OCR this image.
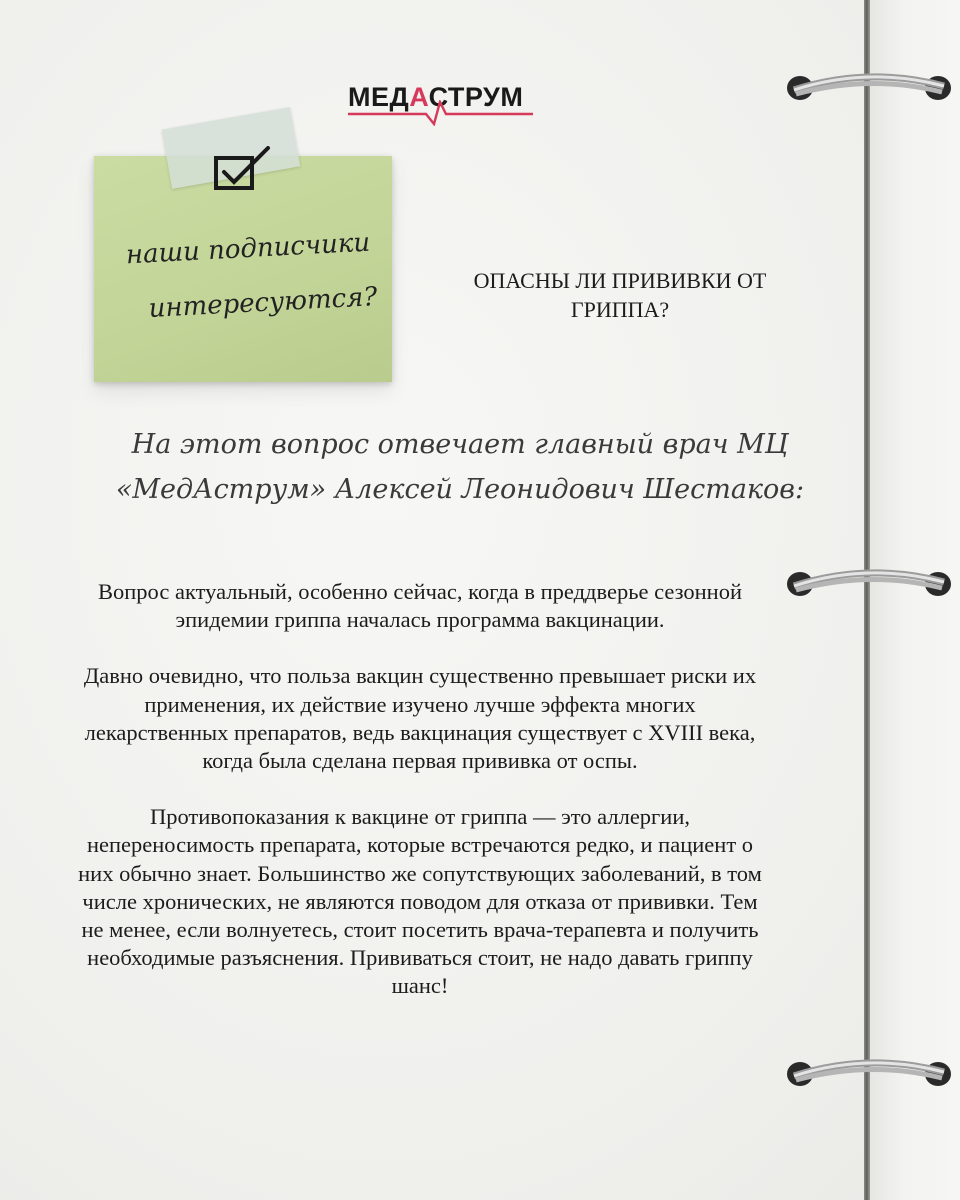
МЕДАСТРУМ
наши подписчики
интересуются?
ОПАСНЫ ЛИ ПРИВИВКИ ОТ ГРИППА?
На этот вопрос отвечает главный врач МЦ «МедАструм» Алексей Леонидович Шестаков:

Вопрос актуальный, особенно сейчас, когда в преддверье сезонной эпидемии гриппа началась программа вакцинации.

Давно очевидно, что польза вакцин существенно превышает риски их применения, их действие изучено лучше эффекта многих лекарственных препаратов, ведь вакцинация существует с XVIII века, когда была сделана первая прививка от оспы.

Противопоказания к вакцине от гриппа — это аллергии, непереносимость препарата, которые встречаются редко, и пациент о них обычно знает. Большинство же сопутствующих заболеваний, в том числе хронических, не являются поводом для отказа от прививки. Тем не менее, если волнуетесь, стоит посетить врача-терапевта и получить необходимые разъяснения. Прививаться стоит, не надо давать гриппу шанс!
